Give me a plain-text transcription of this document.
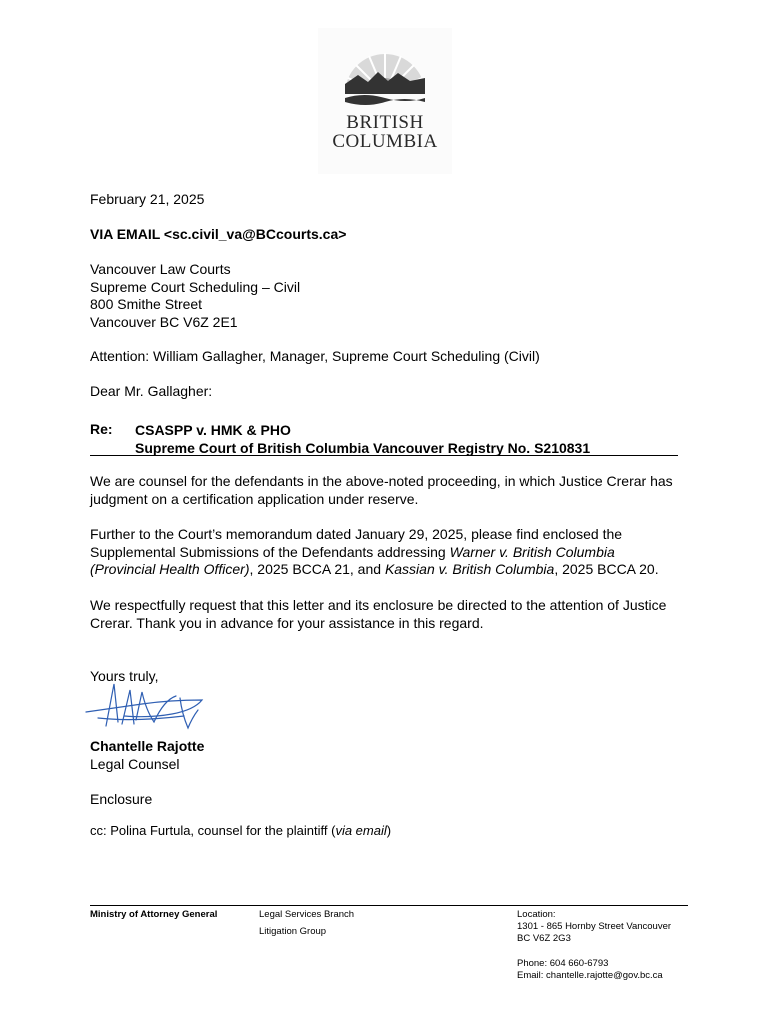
BRITISH
COLUMBIA
February 21, 2025
VIA EMAIL <sc.civil_va@BCcourts.ca>
Vancouver Law Courts
Supreme Court Scheduling – Civil
800 Smithe Street
Vancouver BC V6Z 2E1
Attention: William Gallagher, Manager, Supreme Court Scheduling (Civil)
Dear Mr. Gallagher:
Re: CSASPP v. HMK & PHO
Supreme Court of British Columbia Vancouver Registry No. S210831
We are counsel for the defendants in the above-noted proceeding, in which Justice Crerar has judgment on a certification application under reserve.
Further to the Court’s memorandum dated January 29, 2025, please find enclosed the Supplemental Submissions of the Defendants addressing Warner v. British Columbia (Provincial Health Officer), 2025 BCCA 21, and Kassian v. British Columbia, 2025 BCCA 20.
We respectfully request that this letter and its enclosure be directed to the attention of Justice Crerar. Thank you in advance for your assistance in this regard.
Yours truly,
Chantelle Rajotte
Legal Counsel
Enclosure
cc: Polina Furtula, counsel for the plaintiff (via email)
Ministry of Attorney General	Legal Services Branch
Litigation Group
Location:
1301 - 865 Hornby Street Vancouver
BC V6Z 2G3
Phone: 604 660-6793
Email: chantelle.rajotte@gov.bc.ca
